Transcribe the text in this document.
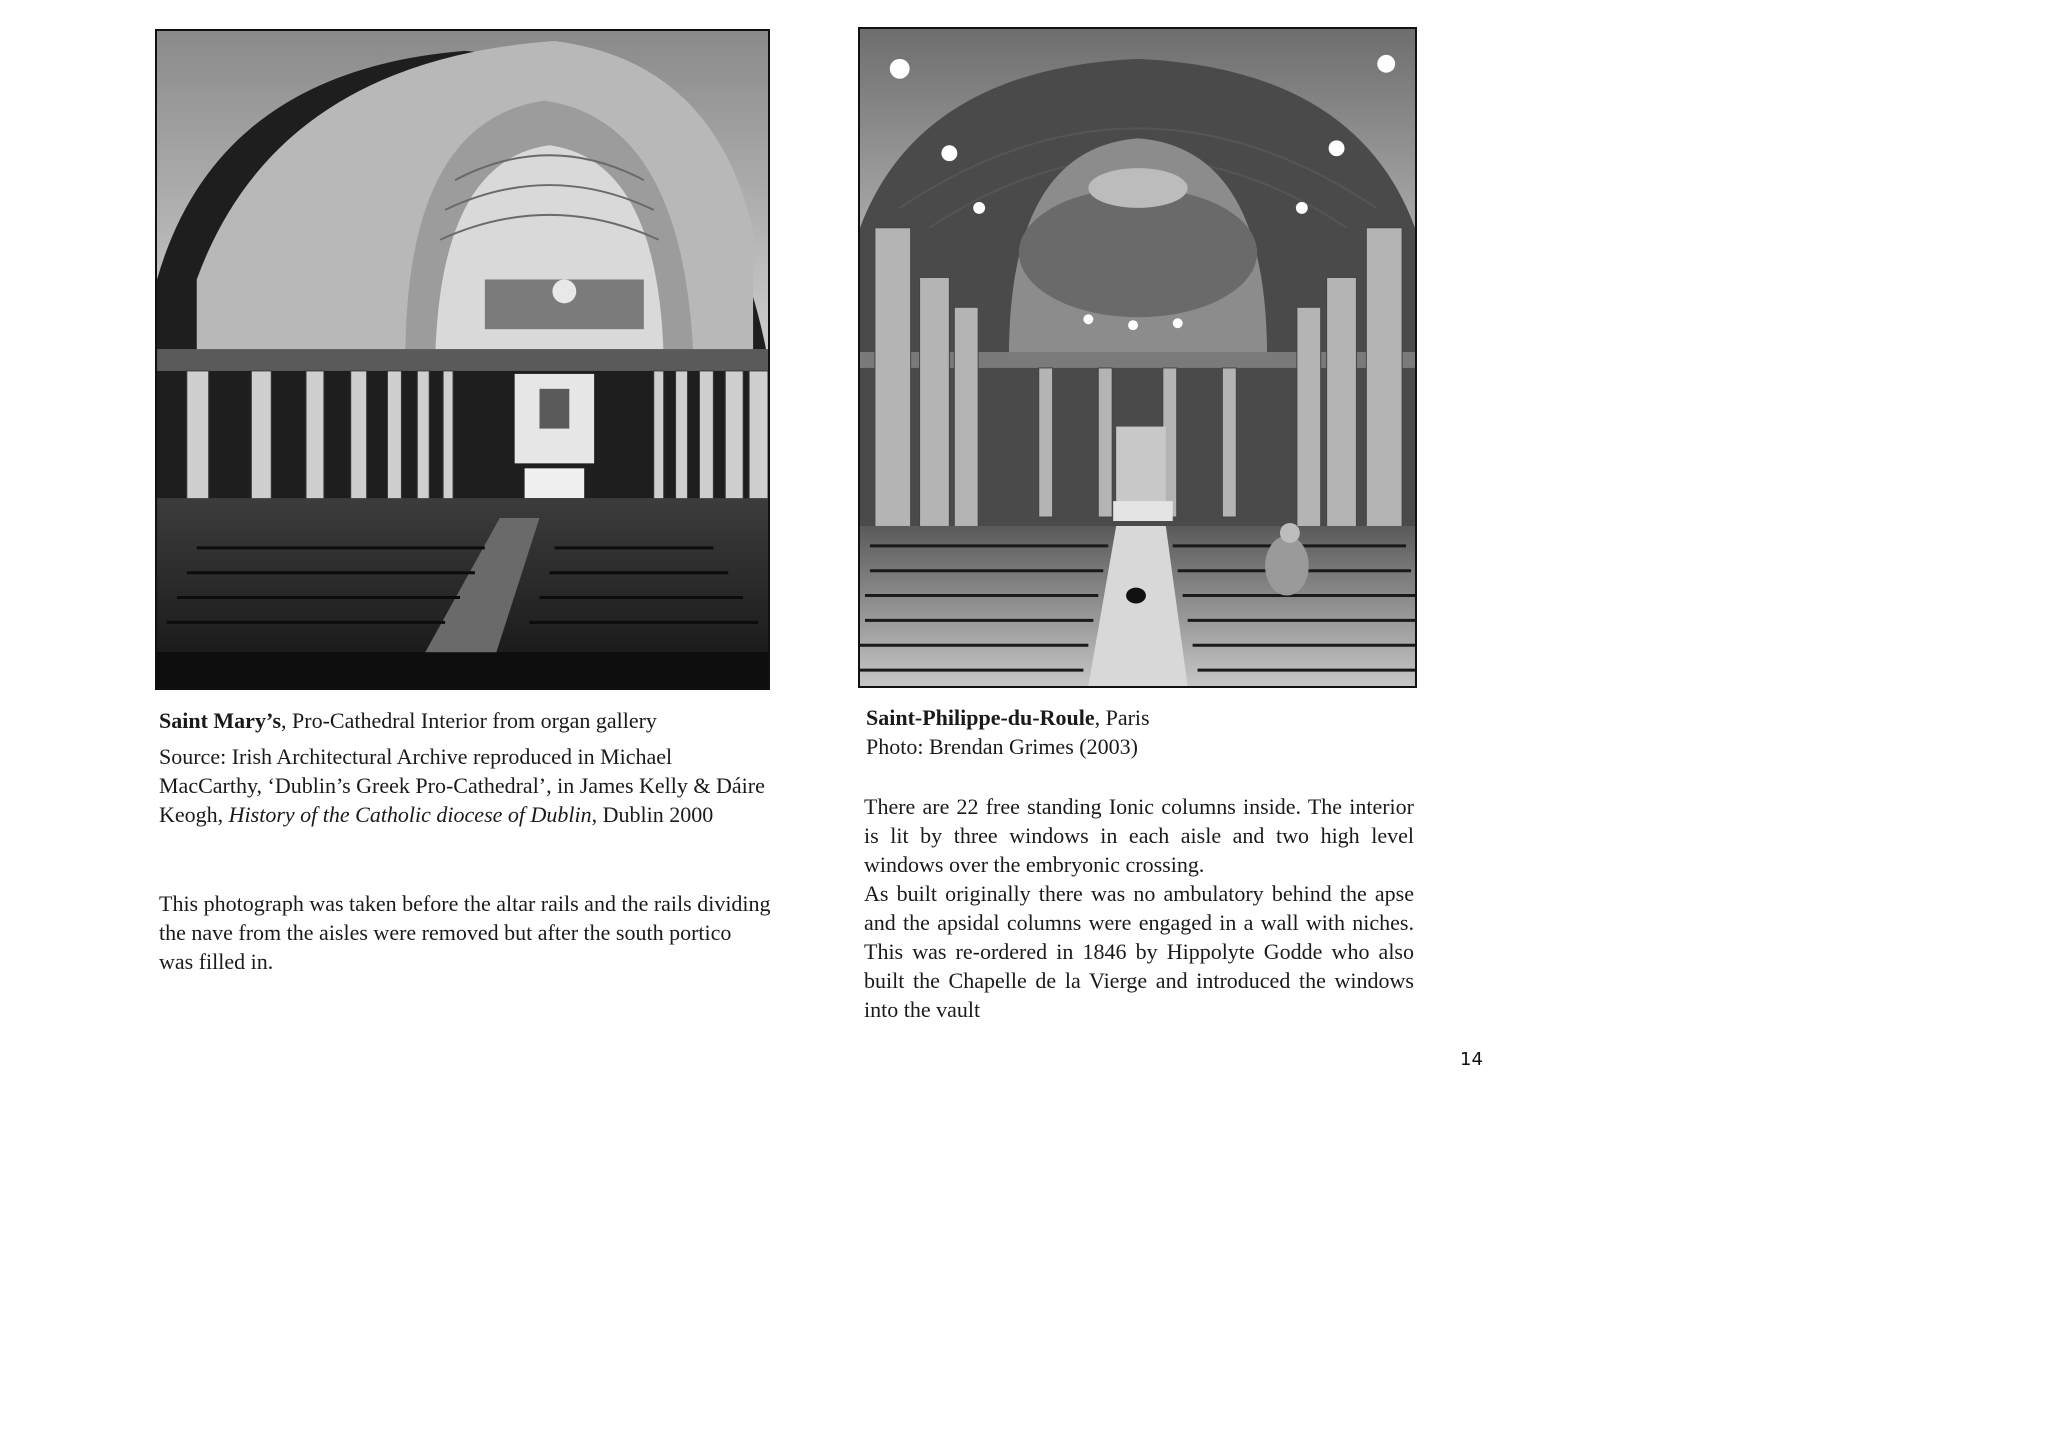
Saint Mary’s, Pro-Cathedral Interior from organ gallery
Source: Irish Architectural Archive reproduced in Michael MacCarthy, ‘Dublin’s Greek Pro-Cathedral’, in James Kelly & Dáire Keogh, History of the Catholic diocese of Dublin, Dublin 2000
This photograph was taken before the altar rails and the rails dividing the nave from the aisles were removed but after the south portico was filled in.
Saint-Philippe-du-Roule, Paris
Photo: Brendan Grimes (2003)

There are 22 free standing Ionic columns inside. The interior is lit by three windows in each aisle and two high level windows over the embryonic crossing.

As built originally there was no ambulatory behind the apse and the apsidal columns were engaged in a wall with niches. This was re-ordered in 1846 by Hippolyte Godde who also built the Chapelle de la Vierge and introduced the windows into the vault

14
